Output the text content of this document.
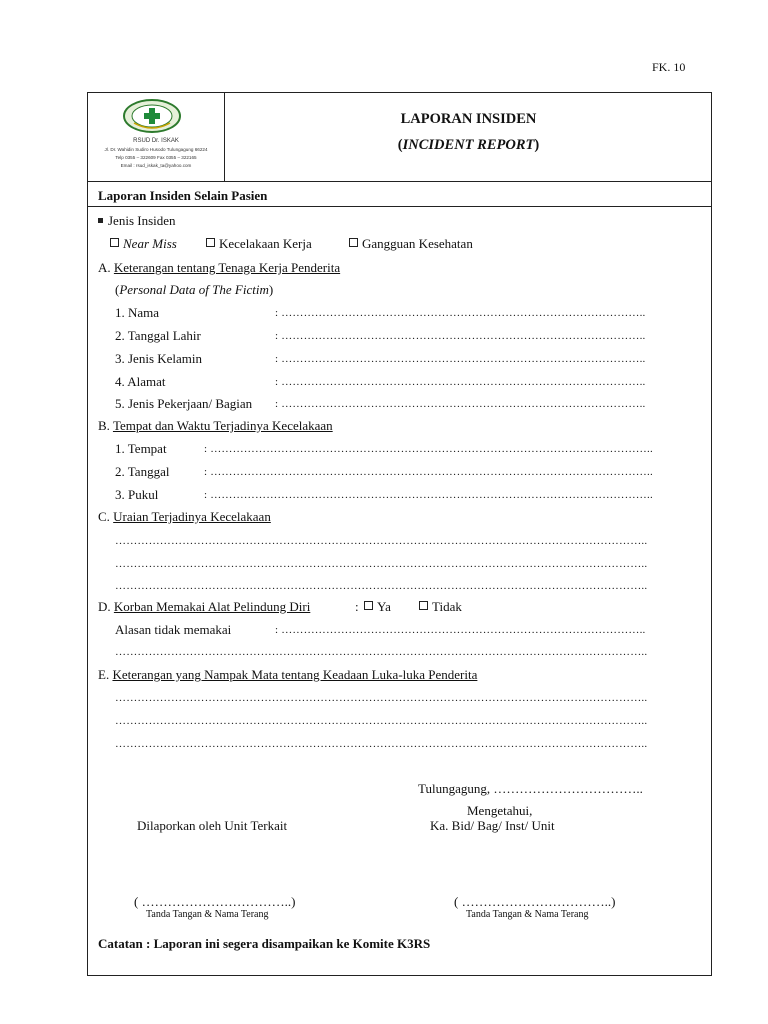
FK. 10
RSUD Dr. ISKAK
Jl. Dr. Wahidin Sudiro Husodo Tulungagung 66224
Telp 0355 – 322609 Fax 0355 – 322165
Email : rsud_iskak_ta@yahoo.com
LAPORAN INSIDEN
(INCIDENT REPORT)
Laporan Insiden Selain Pasien
Jenis Insiden
Near Miss	Kecelakaan Kerja	Gangguan Kesehatan
A. Keterangan tentang Tenaga Kerja Penderita
(Personal Data of The Fictim)
1. Nama	: ……………………………………………………………………………………..
2. Tanggal Lahir	: ……………………………………………………………………………………..
3. Jenis Kelamin	: ……………………………………………………………………………………..
4. Alamat	: ……………………………………………………………………………………..
5. Jenis Pekerjaan/ Bagian : ……………………………………………………………………………………..
B. Tempat dan Waktu Terjadinya Kecelakaan
1. Tempat	: ………………………………………………………………………………………………………..
2. Tanggal	: ………………………………………………………………………………………………………..
3. Pukul	: ………………………………………………………………………………………………………..
C. Uraian Terjadinya Kecelakaan
……………………………………………………………………………………………………………………………..
……………………………………………………………………………………………………………………………..
……………………………………………………………………………………………………………………………..
D. Korban Memakai Alat Pelindung Diri	:	Ya	Tidak
Alasan tidak memakai	: ……………………………………………………………………………………..
……………………………………………………………………………………………………………………………..
E. Keterangan yang Nampak Mata tentang Keadaan Luka-luka Penderita
……………………………………………………………………………………………………………………………..
……………………………………………………………………………………………………………………………..
……………………………………………………………………………………………………………………………..
Tulungagung, ……………………………..
Mengetahui,
Dilaporkan oleh Unit Terkait	Ka. Bid/ Bag/ Inst/ Unit
( ……………………………..)
Tanda Tangan & Nama Terang
( ……………………………..)
Tanda Tangan & Nama Terang
Catatan : Laporan ini segera disampaikan ke Komite K3RS
